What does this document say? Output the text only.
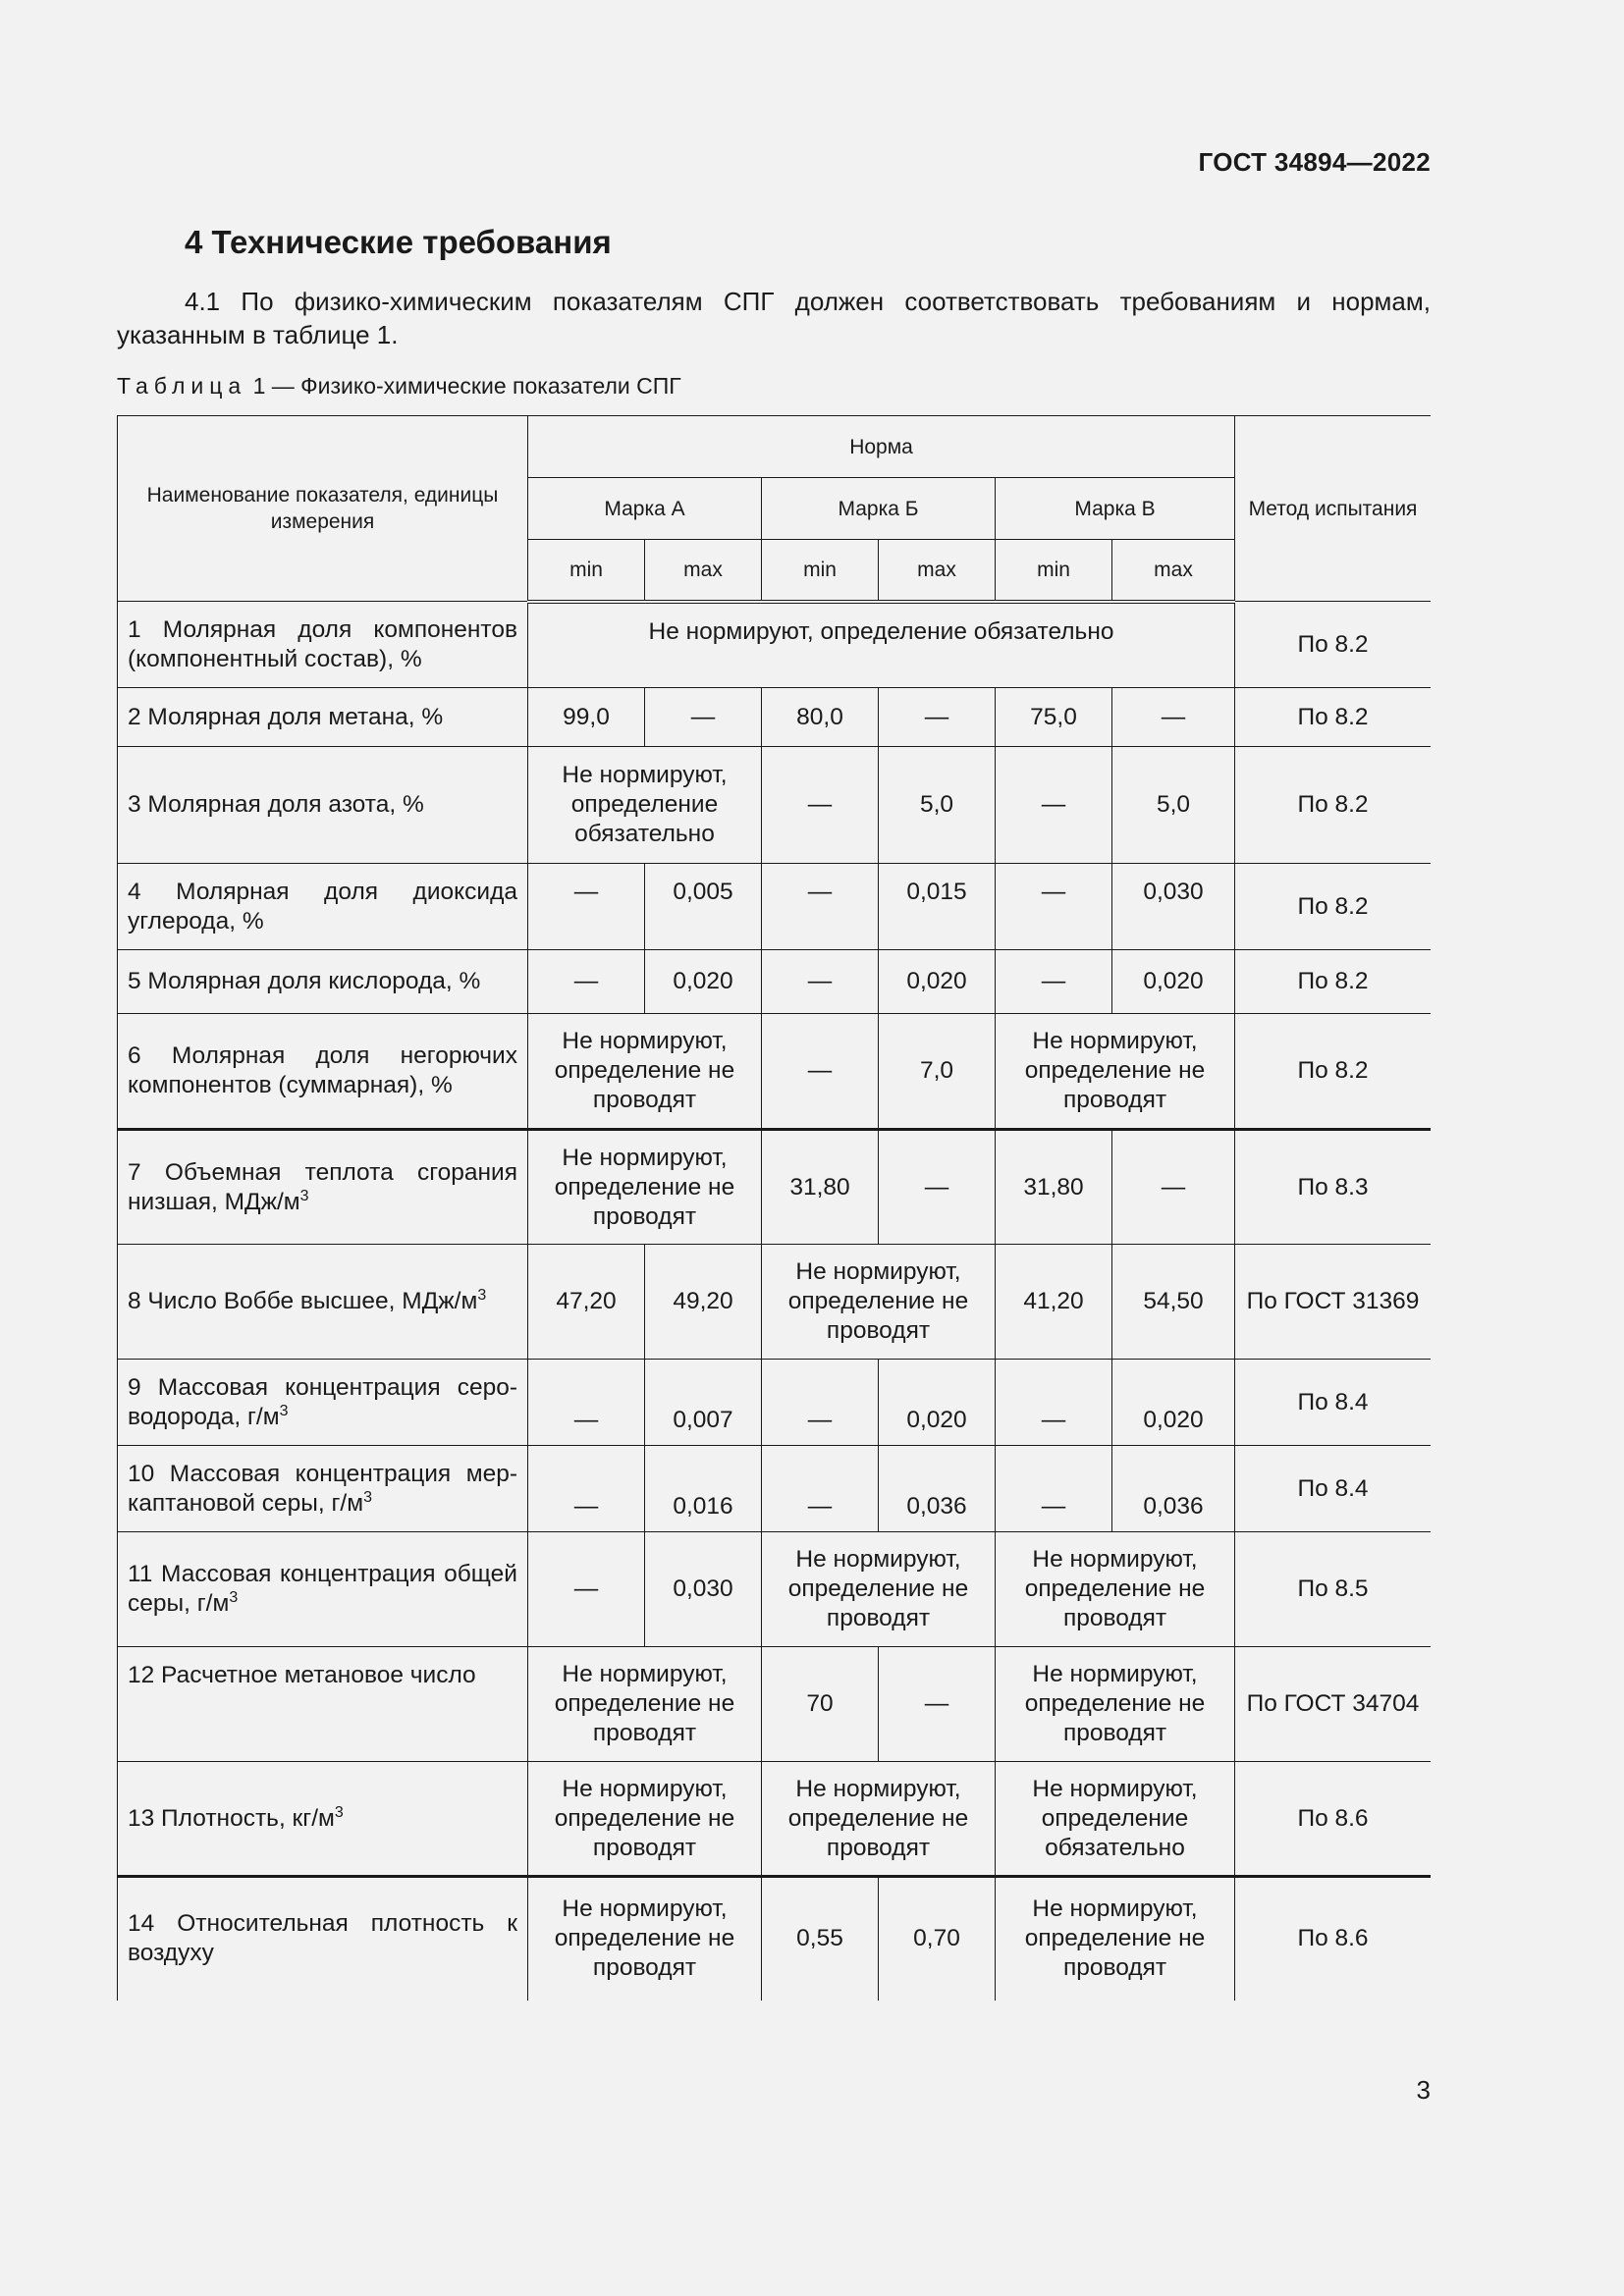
ГОСТ 34894—2022
4 Технические требования

4.1 По физико-химическим показателям СПГ должен соответствовать требованиям и нормам, указанным в таблице 1.

Таблица 1 — Физико-химические показатели СПГ

Наименование показателя, единицы измерения	Норма						Метод испытания
	Марка А		Марка Б		Марка В		
	min	max	min	max	min	max	
1 Молярная доля компонентов (компонентный состав), %	Не нормируют, определение обязательно						По 8.2
2 Молярная доля метана, %	99,0	—	80,0	—	75,0	—	По 8.2
3 Молярная доля азота, %	Не нормируют, определение обязательно		—	5,0	—	5,0	По 8.2
4 Молярная доля диоксида углерода, %	—	0,005	—	0,015	—	0,030	По 8.2
5 Молярная доля кислорода, %	—	0,020	—	0,020	—	0,020	По 8.2
6 Молярная доля негорючих компонентов (суммарная), %	Не нормируют, определение не проводят		—	7,0	Не нормируют, определение не проводят		По 8.2
7 Объемная теплота сгорания низшая, МДж/$м^3$	Не нормируют, определение не проводят		31,80	—	31,80	—	По 8.3
8 Число Воббе высшее, МДж/$м^3$	47,20	49,20	Не нормируют, определение не проводят		41,20	54,50	По ГОСТ 31369
9 Массовая концентрация сероводорода, $г/м^3$	—	0,007	—	0,020	—	0,020	По 8.4
10 Массовая концентрация меркаптановой серы, $г/м^3$	—	0,016	—	0,036	—	0,036	По 8.4
11 Массовая концентрация общей серы, $г/м^3$	—	0,030	Не нормируют, определение не проводят		Не нормируют, определение не проводят		По 8.5
12 Расчетное метановое число	Не нормируют, определение не проводят		70	—	Не нормируют, определение не проводят		По ГОСТ 34704
13 Плотность, $кг/м^3$	Не нормируют, определение не проводят		Не нормируют, определение не проводят		Не нормируют, определение обязательно		По 8.6
14 Относительная плотность к воздуху	Не нормируют, определение не проводят		0,55	0,70	Не нормируют, определение не проводят		По 8.6
3
